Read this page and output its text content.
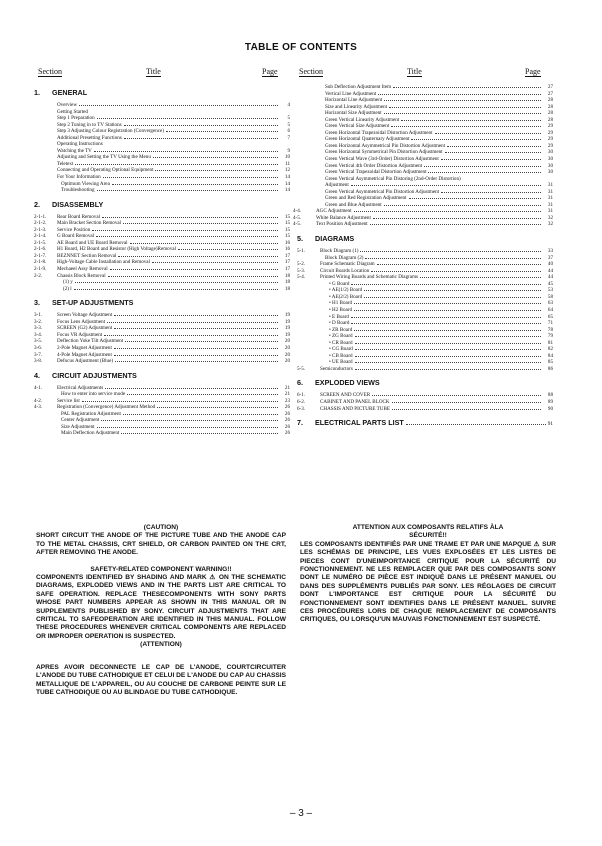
TABLE OF CONTENTS
Section	Title	Page	Section	Title	Page
1.	GENERAL
Overview	4
Getting Started
Step 1 Preparation	5
Step 2 Tuning in to TV Stations	5
Step 3 Adjusting Colour Registration (Convergence)	6
Additional Presetting Functions	7
Operating Instructions
Watching the TV	9
Adjusting and Setting the TV Using the Menu	10
Teletext	11
Connecting and Operating Optional Equipment	12
For Your Information	14
Optimum Viewing Area	14
Troubleshooting	14
2.	DISASSEMBLY
2-1-1.	Rear Board Removal	15
2-1-2.	Main Bracket Section Removal	15
2-1-3.	Service Position	15
2-1-4.	G Board Removal	15
2-1-5.	AE Board and UE Board Removal	16
2-1-6.	H1 Board, H2 Board and Resistor (High Voltage)Removal	16
2-1-7.	BEZNNET Section Removal	17
2-1-8.	High-Voltage Cable Installation and Removal	17
2-1-9.	Mechaeel Assy Removal	17
2-2.	Chassis Block Removal	18
(1) y	18
(2) l	18
3.	SET-UP ADJUSTMENTS
3-1.	Screen Voltage Adjustment	19
3-2.	Focus Lens Adjustment	19
3-3.	SCREEN (G2) Adjustment	19
3-4.	Focus VR Adjustment	19
3-5.	Deflection Yoke Tilt Adjustment	20
3-6.	2-Pole Magnet Adjustment	20
3-7.	4-Pole Magnet Adjustment	20
3-8.	Defocus Adjustment (Blue)	20
4.	CIRCUIT ADJUSTMENTS
4-1.	Electrical Adjustments	21
How to enter into service mode	21
4-2.	Service list	23
4-3.	Registration (Convergence) Adjustment Method	26
PAL Registration Adjustment	26
Center Adjustment	26
Size Adjustment	26
Main Deflection Adjustment	26
Sub Deflection Adjustment Item	27
Vertical Line Adjustment	27
Horizontal Line Adjustment	28
Size and Linearity Adjustment	28
Horizontal Size Adjustment	28
Green Vertical Linearity Adjustment	28
Green Vertical Size Adjustment	29
Green Horizontal Trapezoidal Distortion Adjustment	29
Green Horizontal Quaternary Adjustment	29
Green Horizontal Asymmetrical Pin Distortion Adjustment	29
Green Horizontal Symmetrical Pin Distortion Adjustment	30
Green Vertical Wave (3rd-Order) Distortion Adjustment	30
Green Vertical 4th Order Distortion Adjustment	30
Green Vertical Trapezoidal Distortion Adjustment	30
Green Vertical Asymmetrical Pin Distoring (2nd-Order Distortion)
Adjustment	31
Green Vertical Asymmetrical Pin Distortion Adjustment	31
Green and Red Registration Adjustment	31
Green and Blue Adjustment	31
4-4.	AGC Adjustment	31
4-5.	White Balance Adjustment	32
4-5.	Text Position Adjustment	32
5.	DIAGRAMS
5-1.	Block Diagram (1)	33
Block Diagram (2)	37
5-2.	Frame Schematic Diagram	40
5-3.	Circuit Boards Location	44
5-4.	Printed Wiring Boards and Schematic Diagrams	44
• G Board	45
• AE(1/2) Board	53
• AE(2/2) Board	58
• H1 Board	63
• H2 Board	64
• E Board	65
• D Board	71
• ZR Board	78
• ZG Board	79
• CR Board	81
• CG Board	82
• CB Board	84
• UE Board	85
5-5.	Semiconductors	86
6.	EXPLODED VIEWS
6-1.	SCREEN AND COVER	88
6-2.	CABINET AND PANEL BLOCK	89
6-3.	CHASSIS AND PICTURE TUBE	90
7.	ELECTRICAL PARTS LIST	91
(CAUTION)
SHORT CIRCUIT THE ANODE OF THE PICTURE TUBE AND THE ANODE CAP TO THE METAL CHASSIS, CRT SHIELD, OR CARBON PAINTED ON THE CRT, AFTER REMOVING THE ANODE.
SAFETY-RELATED COMPONENT WARNING!!
COMPONENTS IDENTIFIED BY SHADING AND MARK ⚠ ON THE SCHEMATIC DIAGRAMS, EXPLODED VIEWS AND IN THE PARTS LIST ARE CRITICAL TO SAFE OPERATION. REPLACE THESECOMPONENTS WITH SONY PARTS WHOSE PART NUMBERS APPEAR AS SHOWN IN THIS MANUAL OR IN SUPPLEMENTS PUBLISHED BY SONY. CIRCUIT ADJUSTMENTS THAT ARE CRITICAL TO SAFEOPERATION ARE IDENTIFIED IN THIS MANUAL. FOLLOW THESE PROCEDURES WHENEVER CRITICAL COMPONENTS ARE REPLACED OR IMPROPER OPERATION IS SUSPECTED.
(ATTENTION)
APRES AVOIR DECONNECTE LE CAP DE L'ANODE, COURTCIRCUITER L'ANODE DU TUBE CATHODIQUE ET CELUI DE L'ANODE DU CAP AU CHASSIS METALLIQUE DE L'APPAREIL, OU AU COUCHE DE CARBONE PEINTE SUR LE TUBE CATHODIQUE OU AU BLINDAGE DU TUBE CATHODIQUE.
ATTENTION AUX COMPOSANTS RELATIFS ÀLA
SÉCURITÉ!!
LES COMPOSANTS IDENTIFIÉS PAR UNE TRAME ET PAR UNE MAPQUE ⚠ SUR LES SCHÉMAS DE PRINCIPE, LES VUES EXPLOSÉES ET LES LISTES DE PIECES CONT D'UNEIMPORTANCE CRITIQUE POUR LA SÉCURITÉ DU FONCTIONNEMENT. NE LES REMPLACER QUE PAR DES COMPOSANTS SONY DONT LE NUMÉRO DE PIÈCE EST INDIQUÉ DANS LE PRÉSENT MANUEL OU DANS DES SUPPLÉMENTS PUBLIÉS PAR SONY. LES RÉGLAGES DE CIRCUIT DONT L'IMPORTANCE EST CRITIQUE POUR LA SÉCURITÉ DU FONCTIONNEMENT SONT IDENTIFIES DANS LE PRÉSENT MANUEL. SUIVRE CES PROCÉDURES LORS DE CHAQUE REMPLACEMENT DE COMPOSANTS CRITIQUES, OU LORSQU'UN MAUVAIS FONCTIONNEMENT EST SUSPECTÉ.
– 3 –
